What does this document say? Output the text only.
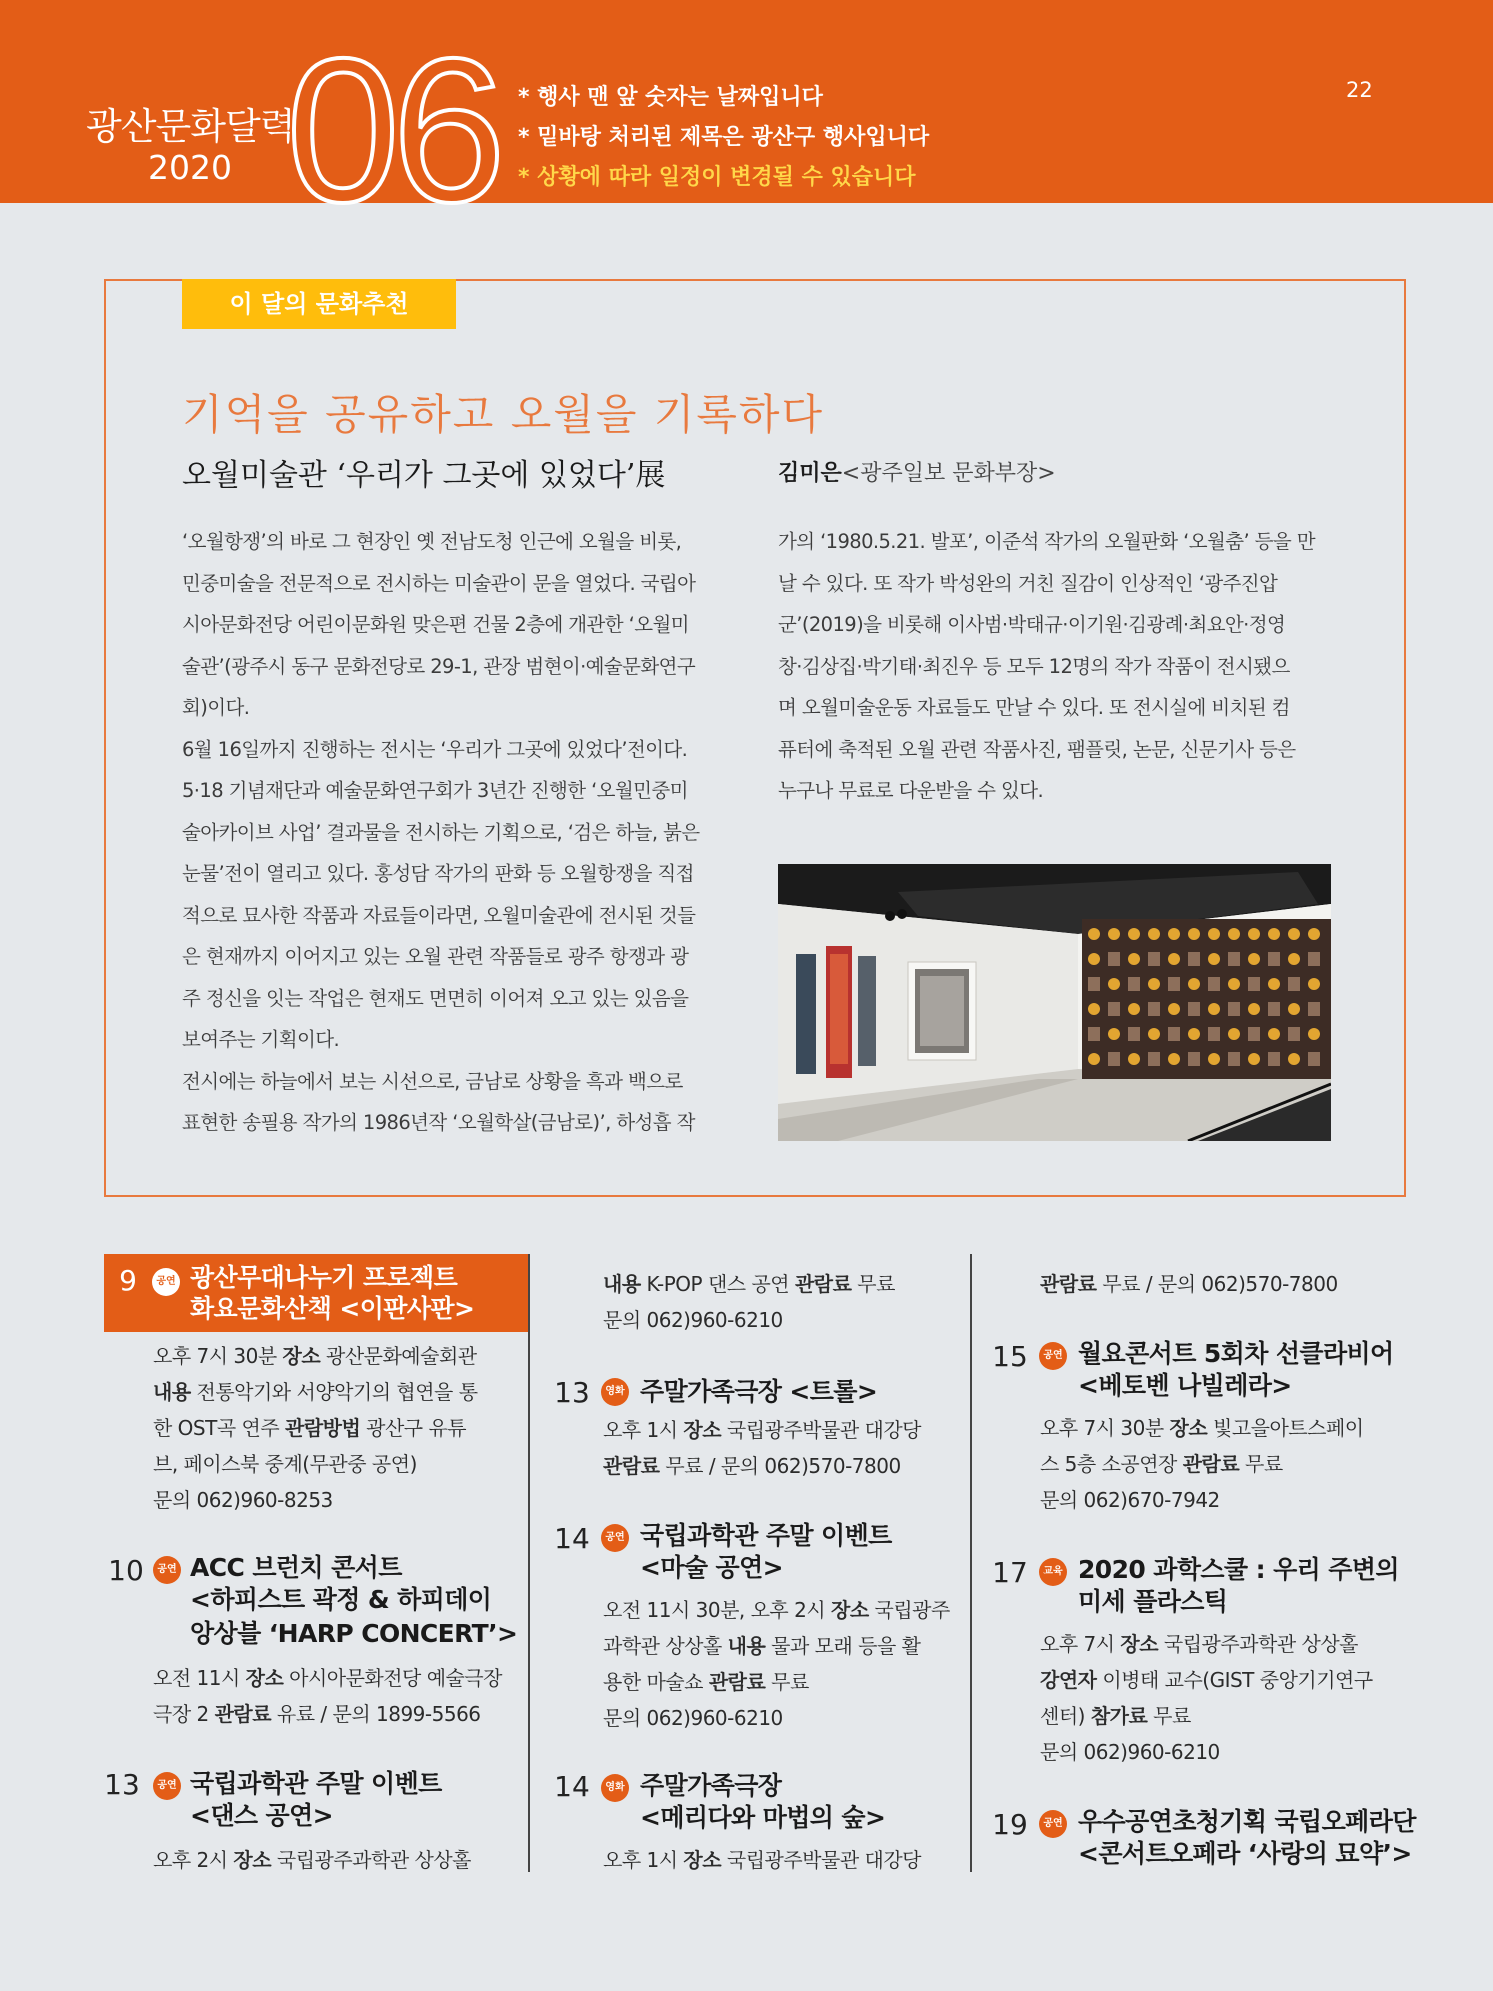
광산문화달력
2020 06 * 행사 맨 앞 숫자는 날짜입니다
* 밑바탕 처리된 제목은 광산구 행사입니다
* 상황에 따라 일정이 변경될 수 있습니다
22
이 달의 문화추천
기억을 공유하고 오월을 기록하다
오월미술관 ‘우리가 그곳에 있었다’展	김미은<광주일보 문화부장>

‘오월항쟁’의 바로 그 현장인 옛 전남도청 인근에 오월을 비롯,

민중미술을 전문적으로 전시하는 미술관이 문을 열었다. 국립아

시아문화전당 어린이문화원 맞은편 건물 2층에 개관한 ‘오월미

술관’(광주시 동구 문화전당로 29-1, 관장 범현이·예술문화연구

회)이다.

6월 16일까지 진행하는 전시는 ‘우리가 그곳에 있었다’전이다.

5·18 기념재단과 예술문화연구회가 3년간 진행한 ‘오월민중미

술아카이브 사업’ 결과물을 전시하는 기획으로, ‘검은 하늘, 붉은

눈물’전이 열리고 있다. 홍성담 작가의 판화 등 오월항쟁을 직접

적으로 묘사한 작품과 자료들이라면, 오월미술관에 전시된 것들

은 현재까지 이어지고 있는 오월 관련 작품들로 광주 항쟁과 광

주 정신을 잇는 작업은 현재도 면면히 이어져 오고 있는 있음을

보여주는 기획이다.

전시에는 하늘에서 보는 시선으로, 금남로 상황을 흑과 백으로

표현한 송필용 작가의 1986년작 ‘오월학살(금남로)’, 하성흡 작

가의 ‘1980.5.21. 발포’, 이준석 작가의 오월판화 ‘오월춤’ 등을 만

날 수 있다. 또 작가 박성완의 거친 질감이 인상적인 ‘광주진압

군’(2019)을 비롯해 이사범·박태규·이기원·김광례·최요안·정영

창·김상집·박기태·최진우 등 모두 12명의 작가 작품이 전시됐으

며 오월미술운동 자료들도 만날 수 있다. 또 전시실에 비치된 컴

퓨터에 축적된 오월 관련 작품사진, 팸플릿, 논문, 신문기사 등은

누구나 무료로 다운받을 수 있다.

9	공연 광산무대나누기 프로젝트
화요문화산책 <이판사판>
오후 7시 30분 장소 광산문화예술회관
내용 전통악기와 서양악기의 협연을 통
한 OST곡 연주 관람방법 광산구 유튜
브, 페이스북 중계(무관중 공연)
문의 062)960-8253
10	공연 ACC 브런치 콘서트
<하피스트 곽정 & 하피데이
앙상블 ‘HARP CONCERT’>
오전 11시 장소 아시아문화전당 예술극장
극장 2 관람료 유료 / 문의 1899-5566
13	공연 국립과학관 주말 이벤트
<댄스 공연>
오후 2시 장소 국립광주과학관 상상홀
내용 K-POP 댄스 공연 관람료 무료
문의 062)960-6210
13	영화 주말가족극장 <트롤>
오후 1시 장소 국립광주박물관 대강당
관람료 무료 / 문의 062)570-7800
14	공연 국립과학관 주말 이벤트
<마술 공연>
오전 11시 30분, 오후 2시 장소 국립광주
과학관 상상홀 내용 물과 모래 등을 활
용한 마술쇼 관람료 무료
문의 062)960-6210
14	영화 주말가족극장
<메리다와 마법의 숲>
오후 1시 장소 국립광주박물관 대강당
관람료 무료 / 문의 062)570-7800
15	공연 월요콘서트 5회차 선클라비어
<베토벤 나빌레라>
오후 7시 30분 장소 빛고을아트스페이
스 5층 소공연장 관람료 무료
문의 062)670-7942
17	교육 2020 과학스쿨 : 우리 주변의
미세 플라스틱
오후 7시 장소 국립광주과학관 상상홀
강연자 이병태 교수(GIST 중앙기기연구
센터) 참가료 무료
문의 062)960-6210
19	공연 우수공연초청기획 국립오페라단
<콘서트오페라 ‘사랑의 묘약’>
